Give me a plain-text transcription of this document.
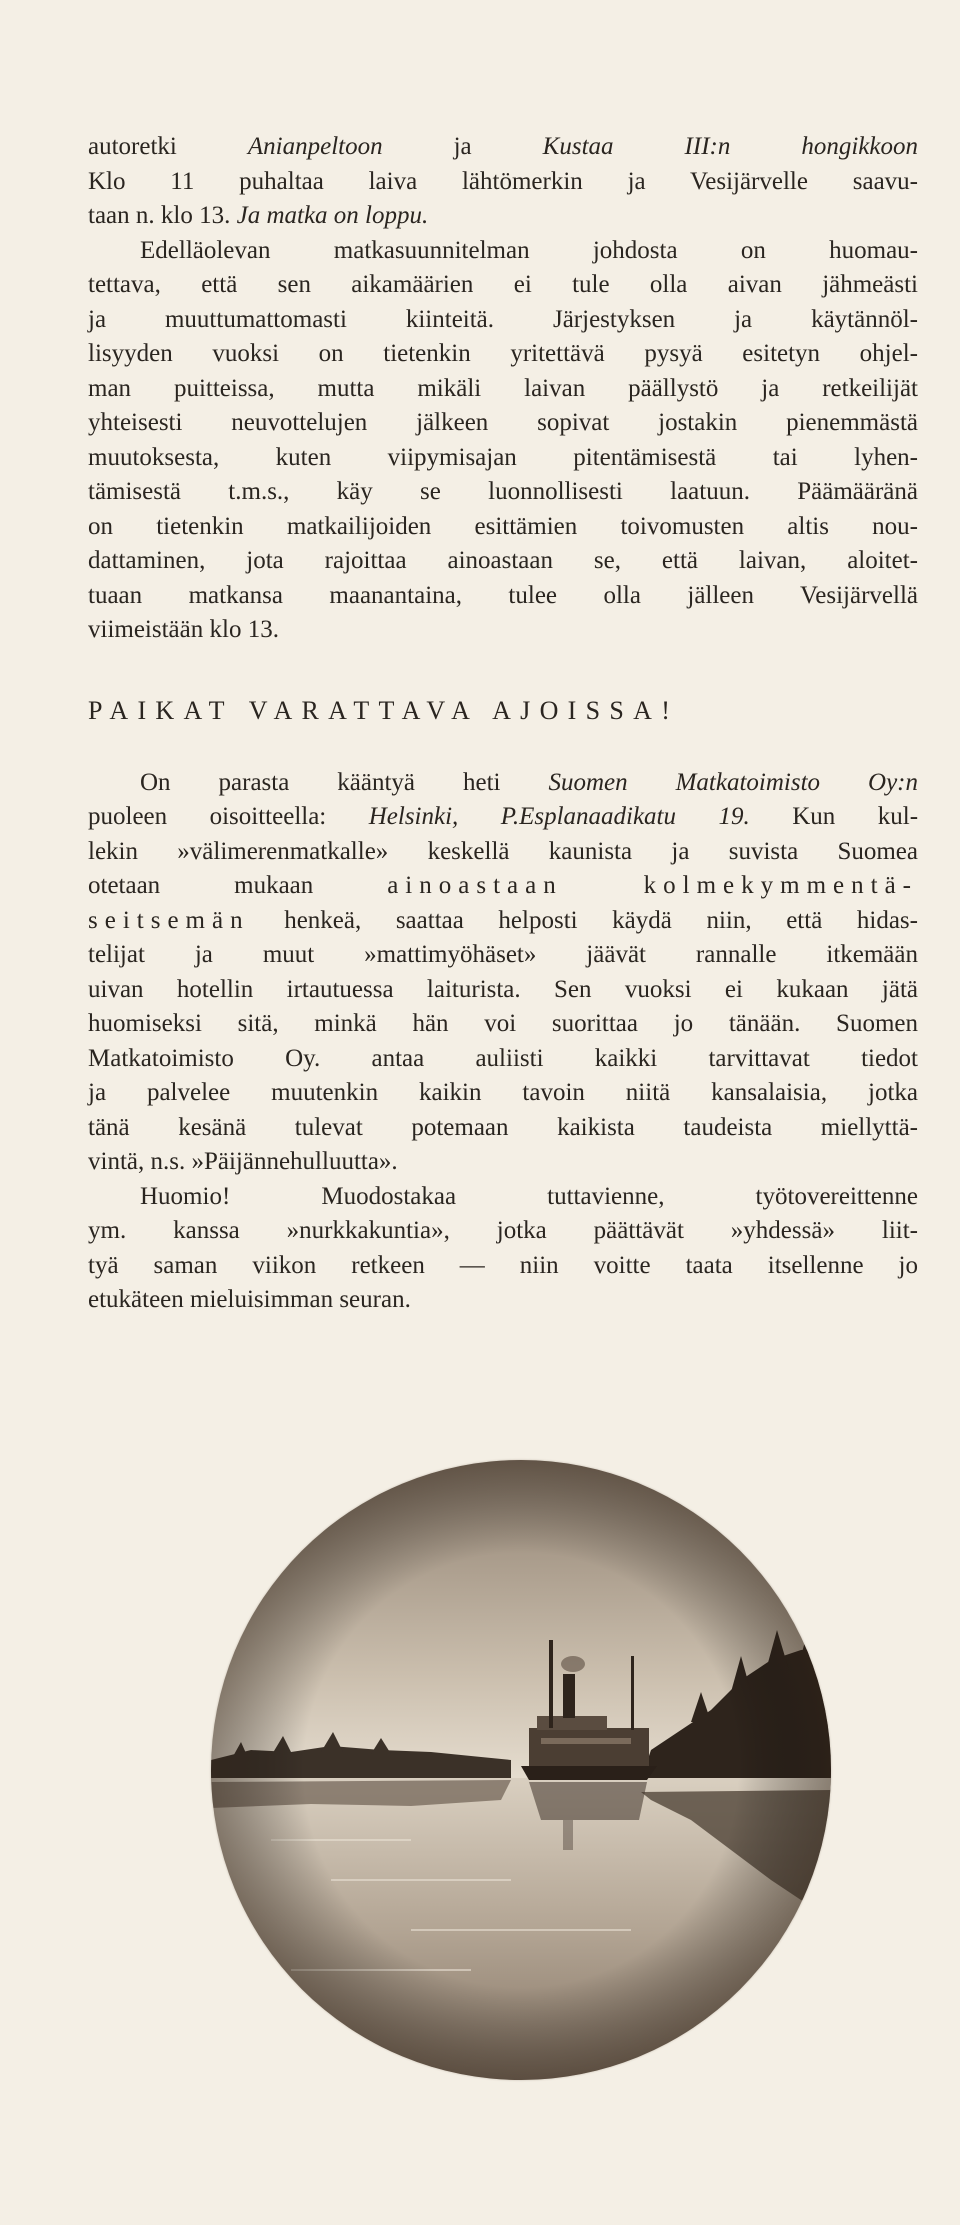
autoretki Anianpeltoon ja Kustaa III:n hongikkoon
Klo 11 puhaltaa laiva lähtömerkin ja Vesijärvelle saavu-
taan n. klo 13. Ja matka on loppu.

Edelläolevan matkasuunnitelman johdosta on huomau-
tettava, että sen aikamäärien ei tule olla aivan jähmeästi
ja muuttumattomasti kiinteitä. Järjestyksen ja käytännöl-
lisyyden vuoksi on tietenkin yritettävä pysyä esitetyn ohjel-
man puitteissa, mutta mikäli laivan päällystö ja retkeilijät
yhteisesti neuvottelujen jälkeen sopivat jostakin pienemmästä
muutoksesta, kuten viipymisajan pitentämisestä tai lyhen-
tämisestä t.m.s., käy se luonnollisesti laatuun. Päämääränä
on tietenkin matkailijoiden esittämien toivomusten altis nou-
dattaminen, jota rajoittaa ainoastaan se, että laivan, aloitet-
tuaan matkansa maanantaina, tulee olla jälleen Vesijärvellä
viimeistään klo 13.

PAIKAT VARATTAVA AJOISSA!

On parasta kääntyä heti Suomen Matkatoimisto Oy:n
puoleen oisoitteella: Helsinki, P.Esplanaadikatu 19. Kun kul-
lekin »välimerenmatkalle» keskellä kaunista ja suvista Suomea
otetaan mukaan ainoastaan kolmekymmentä-
seitsemän henkeä, saattaa helposti käydä niin, että hidas-
telijat ja muut »mattimyöhäset» jäävät rannalle itkemään
uivan hotellin irtautuessa laiturista. Sen vuoksi ei kukaan jätä
huomiseksi sitä, minkä hän voi suorittaa jo tänään. Suomen
Matkatoimisto Oy. antaa auliisti kaikki tarvittavat tiedot
ja palvelee muutenkin kaikin tavoin niitä kansalaisia, jotka
tänä kesänä tulevat potemaan kaikista taudeista miellyttä-
vintä, n.s. »Päijännehulluutta».

Huomio! Muodostakaa tuttavienne, työtovereittenne
ym. kanssa »nurkkakuntia», jotka päättävät »yhdessä» liit-
tyä saman viikon retkeen — niin voitte taata itsellenne jo
etukäteen mieluisimman seuran.
